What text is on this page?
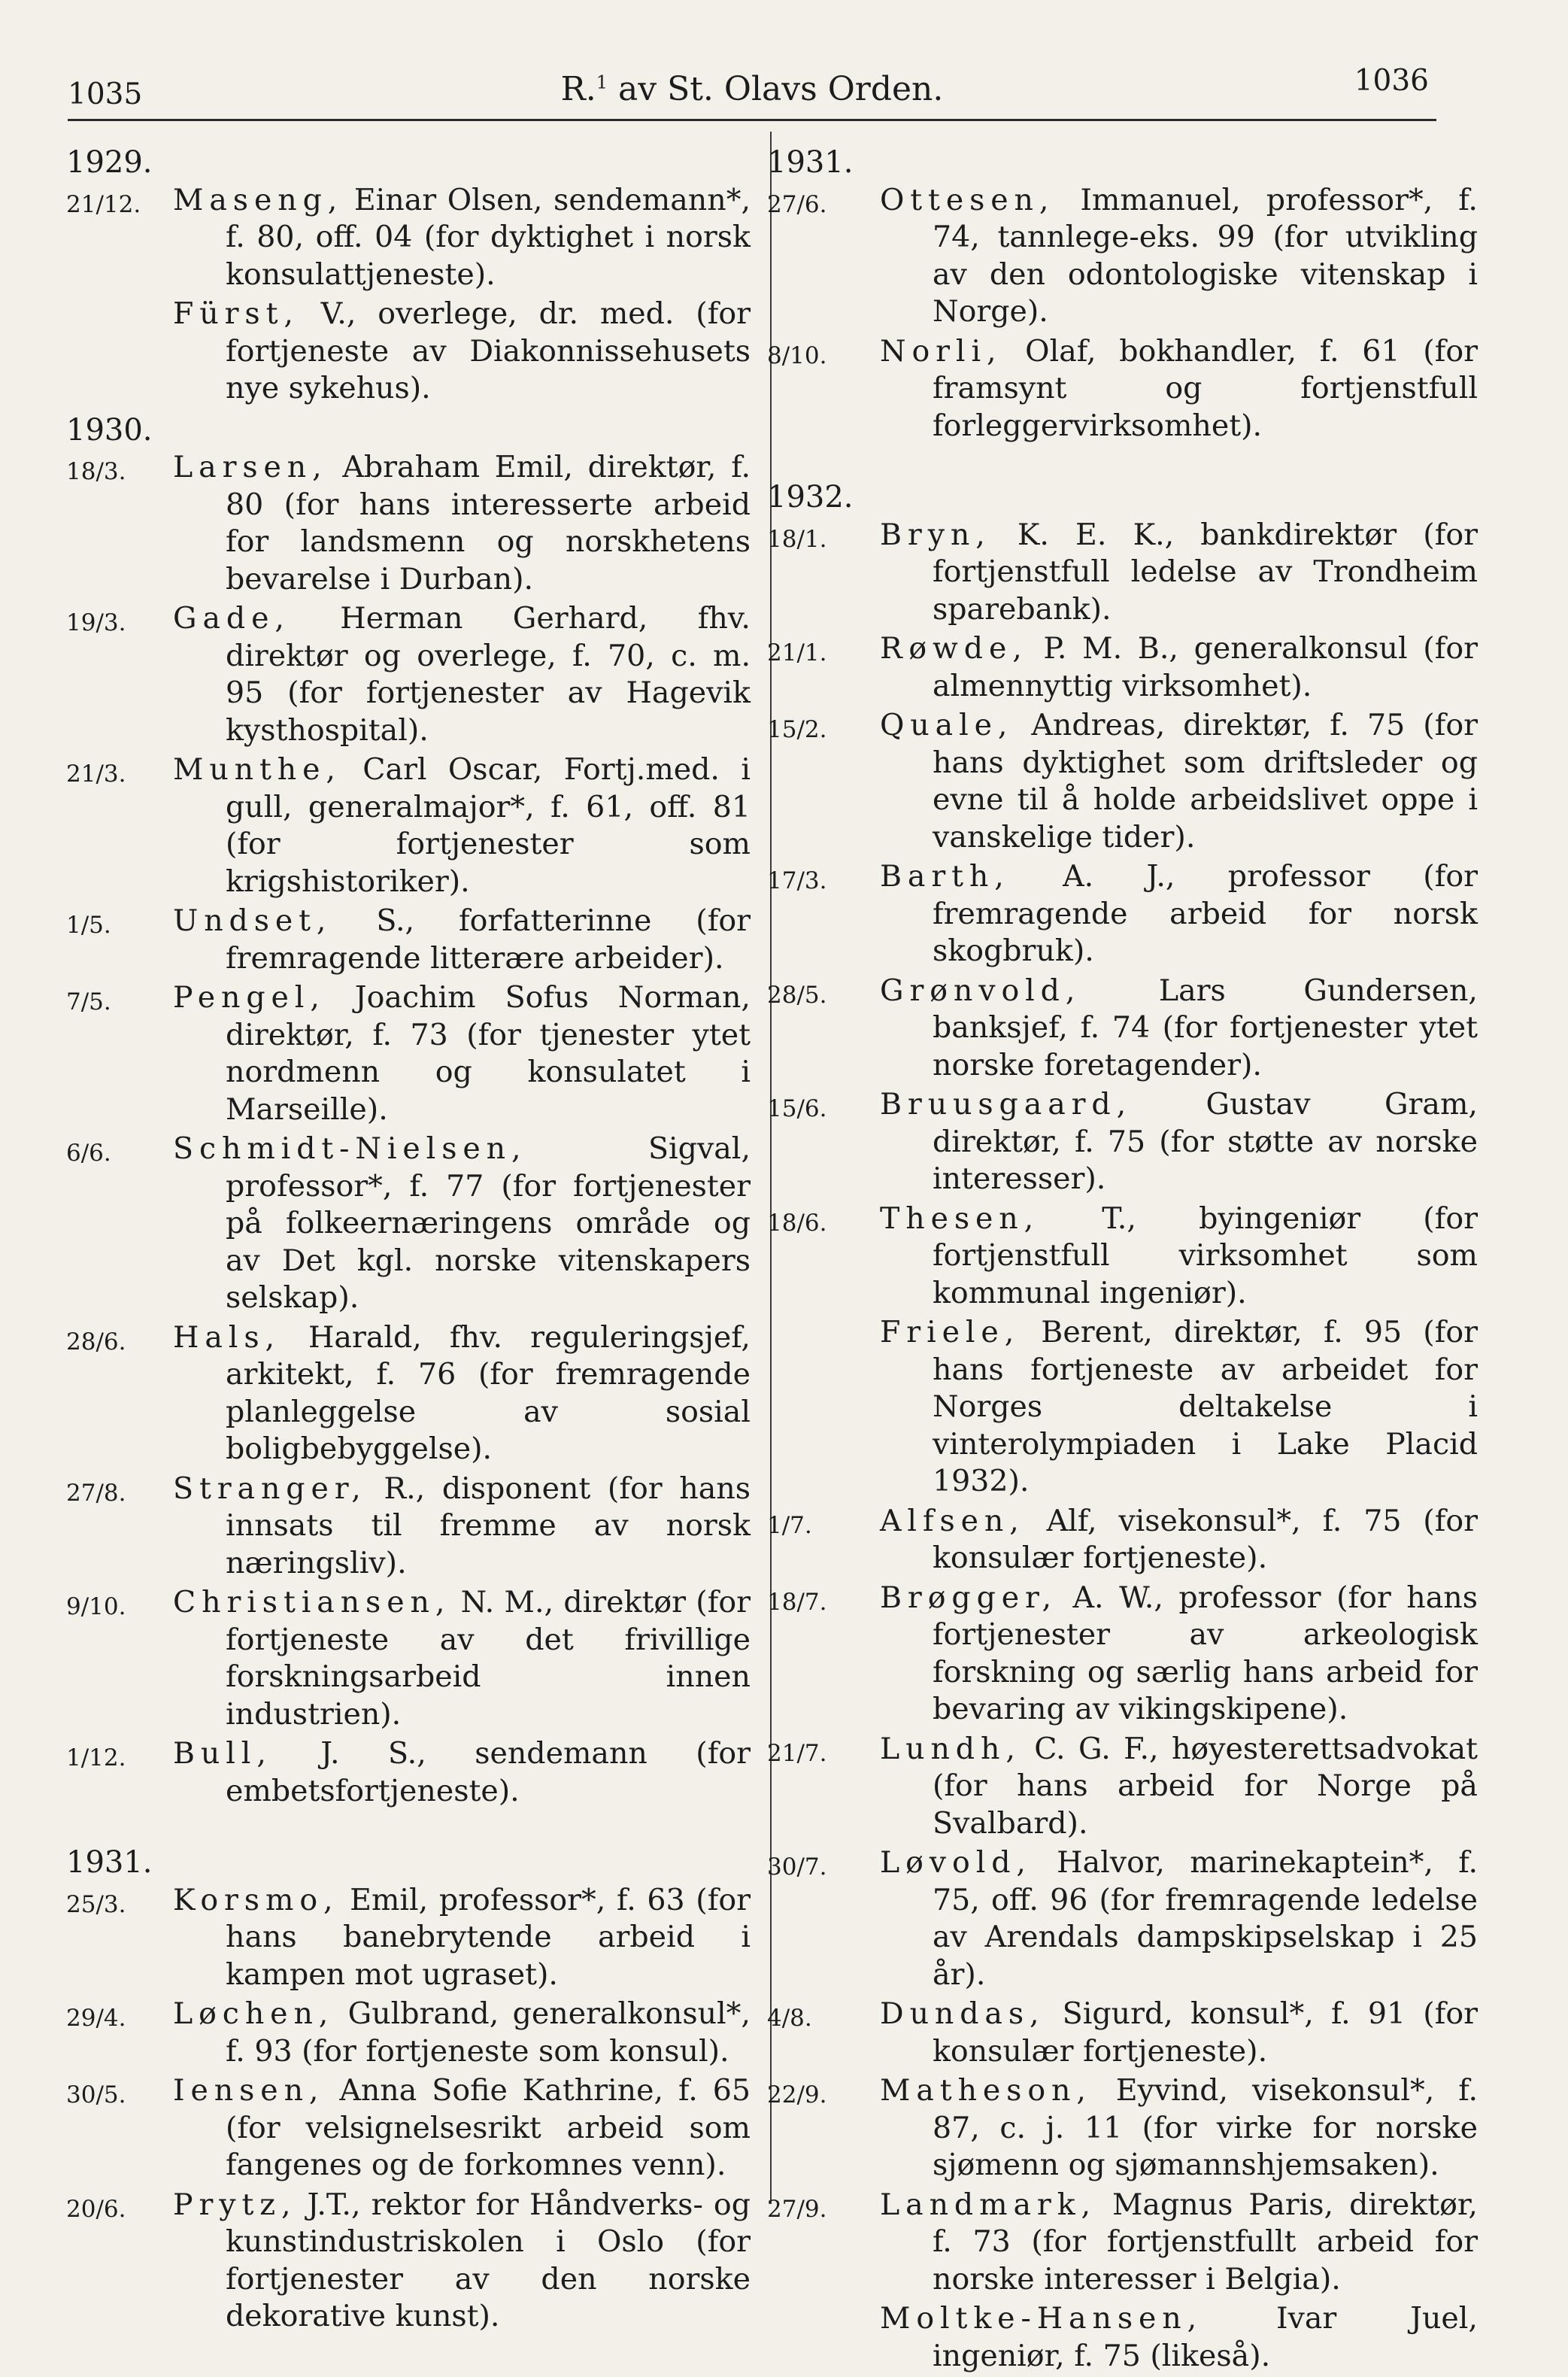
1035	R.$^1$ av St. Olavs Orden.	1036
1929.
21/12.	Maseng, Einar Olsen, sendemann*, f. 80, off. 04 (for dyktighet i norsk konsulattjeneste).
Fürst, V., overlege, dr. med. (for fortjeneste av Diakonnissehusets nye sykehus).
1930.
18/3.	Larsen, Abraham Emil, direktør, f. 80 (for hans interesserte arbeid for landsmenn og norskhetens bevarelse i Durban).
19/3.	Gade, Herman Gerhard, fhv. direktør og overlege, f. 70, c. m. 95 (for fortjenester av Hagevik kysthospital).
21/3.	Munthe, Carl Oscar, Fortj.med. i gull, generalmajor*, f. 61, off. 81 (for fortjenester som krigshistoriker).
1/5.	Undset, S., forfatterinne (for fremragende litterære arbeider).
7/5.	Pengel, Joachim Sofus Norman, direktør, f. 73 (for tjenester ytet nordmenn og konsulatet i Marseille).
6/6.	Schmidt-Nielsen, Sigval, professor*, f. 77 (for fortjenester på folkeernæringens område og av Det kgl. norske vitenskapers selskap).
28/6.	Hals, Harald, fhv. reguleringsjef, arkitekt, f. 76 (for fremragende planleggelse av sosial boligbebyggelse).
27/8.	Stranger, R., disponent (for hans innsats til fremme av norsk næringsliv).
9/10.	Christiansen, N. M., direktør (for fortjeneste av det frivillige forskningsarbeid innen industrien).
1/12.	Bull, J. S., sendemann (for embetsfortjeneste).
1931.
25/3.	Korsmo, Emil, professor*, f. 63 (for hans banebrytende arbeid i kampen mot ugraset).
29/4.	Løchen, Gulbrand, generalkonsul*, f. 93 (for fortjeneste som konsul).
30/5.	Iensen, Anna Sofie Kathrine, f. 65 (for velsignelsesrikt arbeid som fangenes og de forkomnes venn).
20/6.	Prytz, J.T., rektor for Håndverks- og kunstindustriskolen i Oslo (for fortjenester av den norske dekorative kunst).
1931.
27/6.	Ottesen, Immanuel, professor*, f. 74, tannlege-eks. 99 (for utvikling av den odontologiske vitenskap i Norge).
8/10.	Norli, Olaf, bokhandler, f. 61 (for framsynt og fortjenstfull forleggervirksomhet).
1932.
18/1.	Bryn, K. E. K., bankdirektør (for fortjenstfull ledelse av Trondheim sparebank).
21/1.	Røwde, P. M. B., generalkonsul (for almennyttig virksomhet).
15/2.	Quale, Andreas, direktør, f. 75 (for hans dyktighet som driftsleder og evne til å holde arbeidslivet oppe i vanskelige tider).
17/3.	Barth, A. J., professor (for fremragende arbeid for norsk skogbruk).
28/5.	Grønvold, Lars Gundersen, banksjef, f. 74 (for fortjenester ytet norske foretagender).
15/6.	Bruusgaard, Gustav Gram, direktør, f. 75 (for støtte av norske interesser).
18/6.	Thesen, T., byingeniør (for fortjenstfull virksomhet som kommunal ingeniør).
Friele, Berent, direktør, f. 95 (for hans fortjeneste av arbeidet for Norges deltakelse i vinterolympiaden i Lake Placid 1932).
1/7.	Alfsen, Alf, visekonsul*, f. 75 (for konsulær fortjeneste).
18/7.	Brøgger, A. W., professor (for hans fortjenester av arkeologisk forskning og særlig hans arbeid for bevaring av vikingskipene).
21/7.	Lundh, C. G. F., høyesterettsadvokat (for hans arbeid for Norge på Svalbard).
30/7.	Løvold, Halvor, marinekaptein*, f. 75, off. 96 (for fremragende ledelse av Arendals dampskipselskap i 25 år).
4/8.	Dundas, Sigurd, konsul*, f. 91 (for konsulær fortjeneste).
22/9.	Matheson, Eyvind, visekonsul*, f. 87, c. j. 11 (for virke for norske sjømenn og sjømannshjemsaken).
27/9.	Landmark, Magnus Paris, direktør, f. 73 (for fortjenstfullt arbeid for norske interesser i Belgia).
Moltke-Hansen, Ivar Juel, ingeniør, f. 75 (likeså).
